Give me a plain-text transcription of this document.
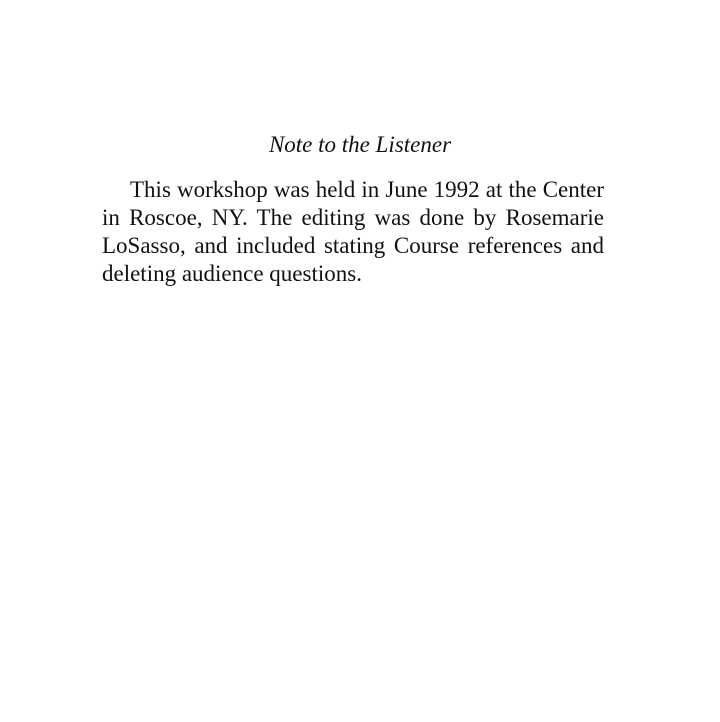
Note to the Listener

This workshop was held in June 1992 at the Center
in Roscoe, NY. The editing was done by Rosemarie
LoSasso, and included stating Course references and
deleting audience questions.
